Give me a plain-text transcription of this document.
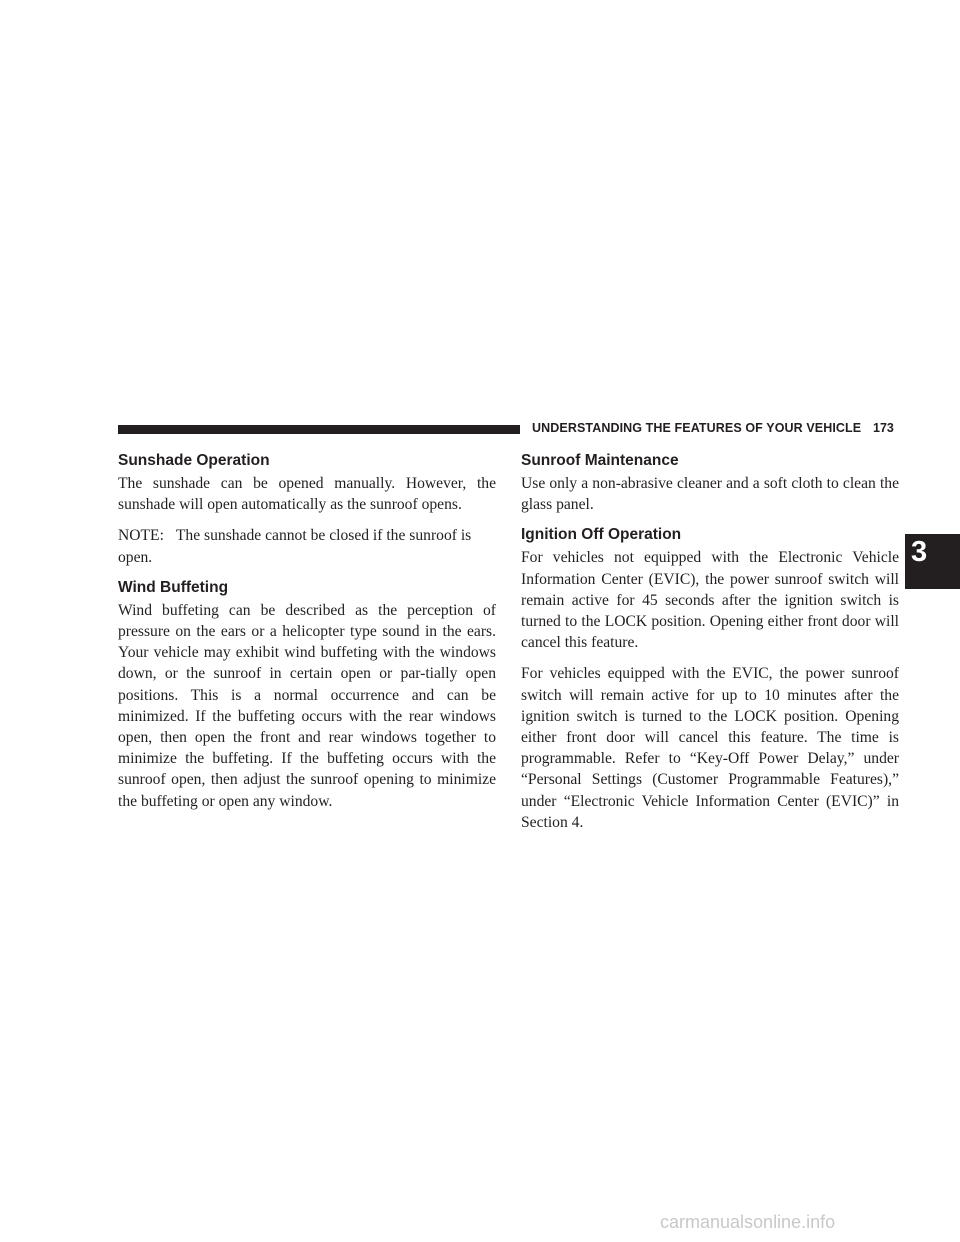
UNDERSTANDING THE FEATURES OF YOUR VEHICLE 173
Sunshade Operation

The sunshade can be opened manually. However, the sunshade will open automatically as the sunroof opens.

NOTE: The sunshade cannot be closed if the sunroof is open.

Wind Buffeting

Wind buffeting can be described as the perception of pressure on the ears or a helicopter type sound in the ears. Your vehicle may exhibit wind buffeting with the windows down, or the sunroof in certain open or par-tially open positions. This is a normal occurrence and can be minimized. If the buffeting occurs with the rear windows open, then open the front and rear windows together to minimize the buffeting. If the buffeting occurs with the sunroof open, then adjust the sunroof opening to minimize the buffeting or open any window.

Sunroof Maintenance

Use only a non-abrasive cleaner and a soft cloth to clean the glass panel.

Ignition Off Operation

For vehicles not equipped with the Electronic Vehicle Information Center (EVIC), the power sunroof switch will remain active for 45 seconds after the ignition switch is turned to the LOCK position. Opening either front door will cancel this feature.

For vehicles equipped with the EVIC, the power sunroof switch will remain active for up to 10 minutes after the ignition switch is turned to the LOCK position. Opening either front door will cancel this feature. The time is programmable. Refer to “Key-Off Power Delay,” under “Personal Settings (Customer Programmable Features),” under “Electronic Vehicle Information Center (EVIC)” in Section 4.

3
carmanualsonline.info
